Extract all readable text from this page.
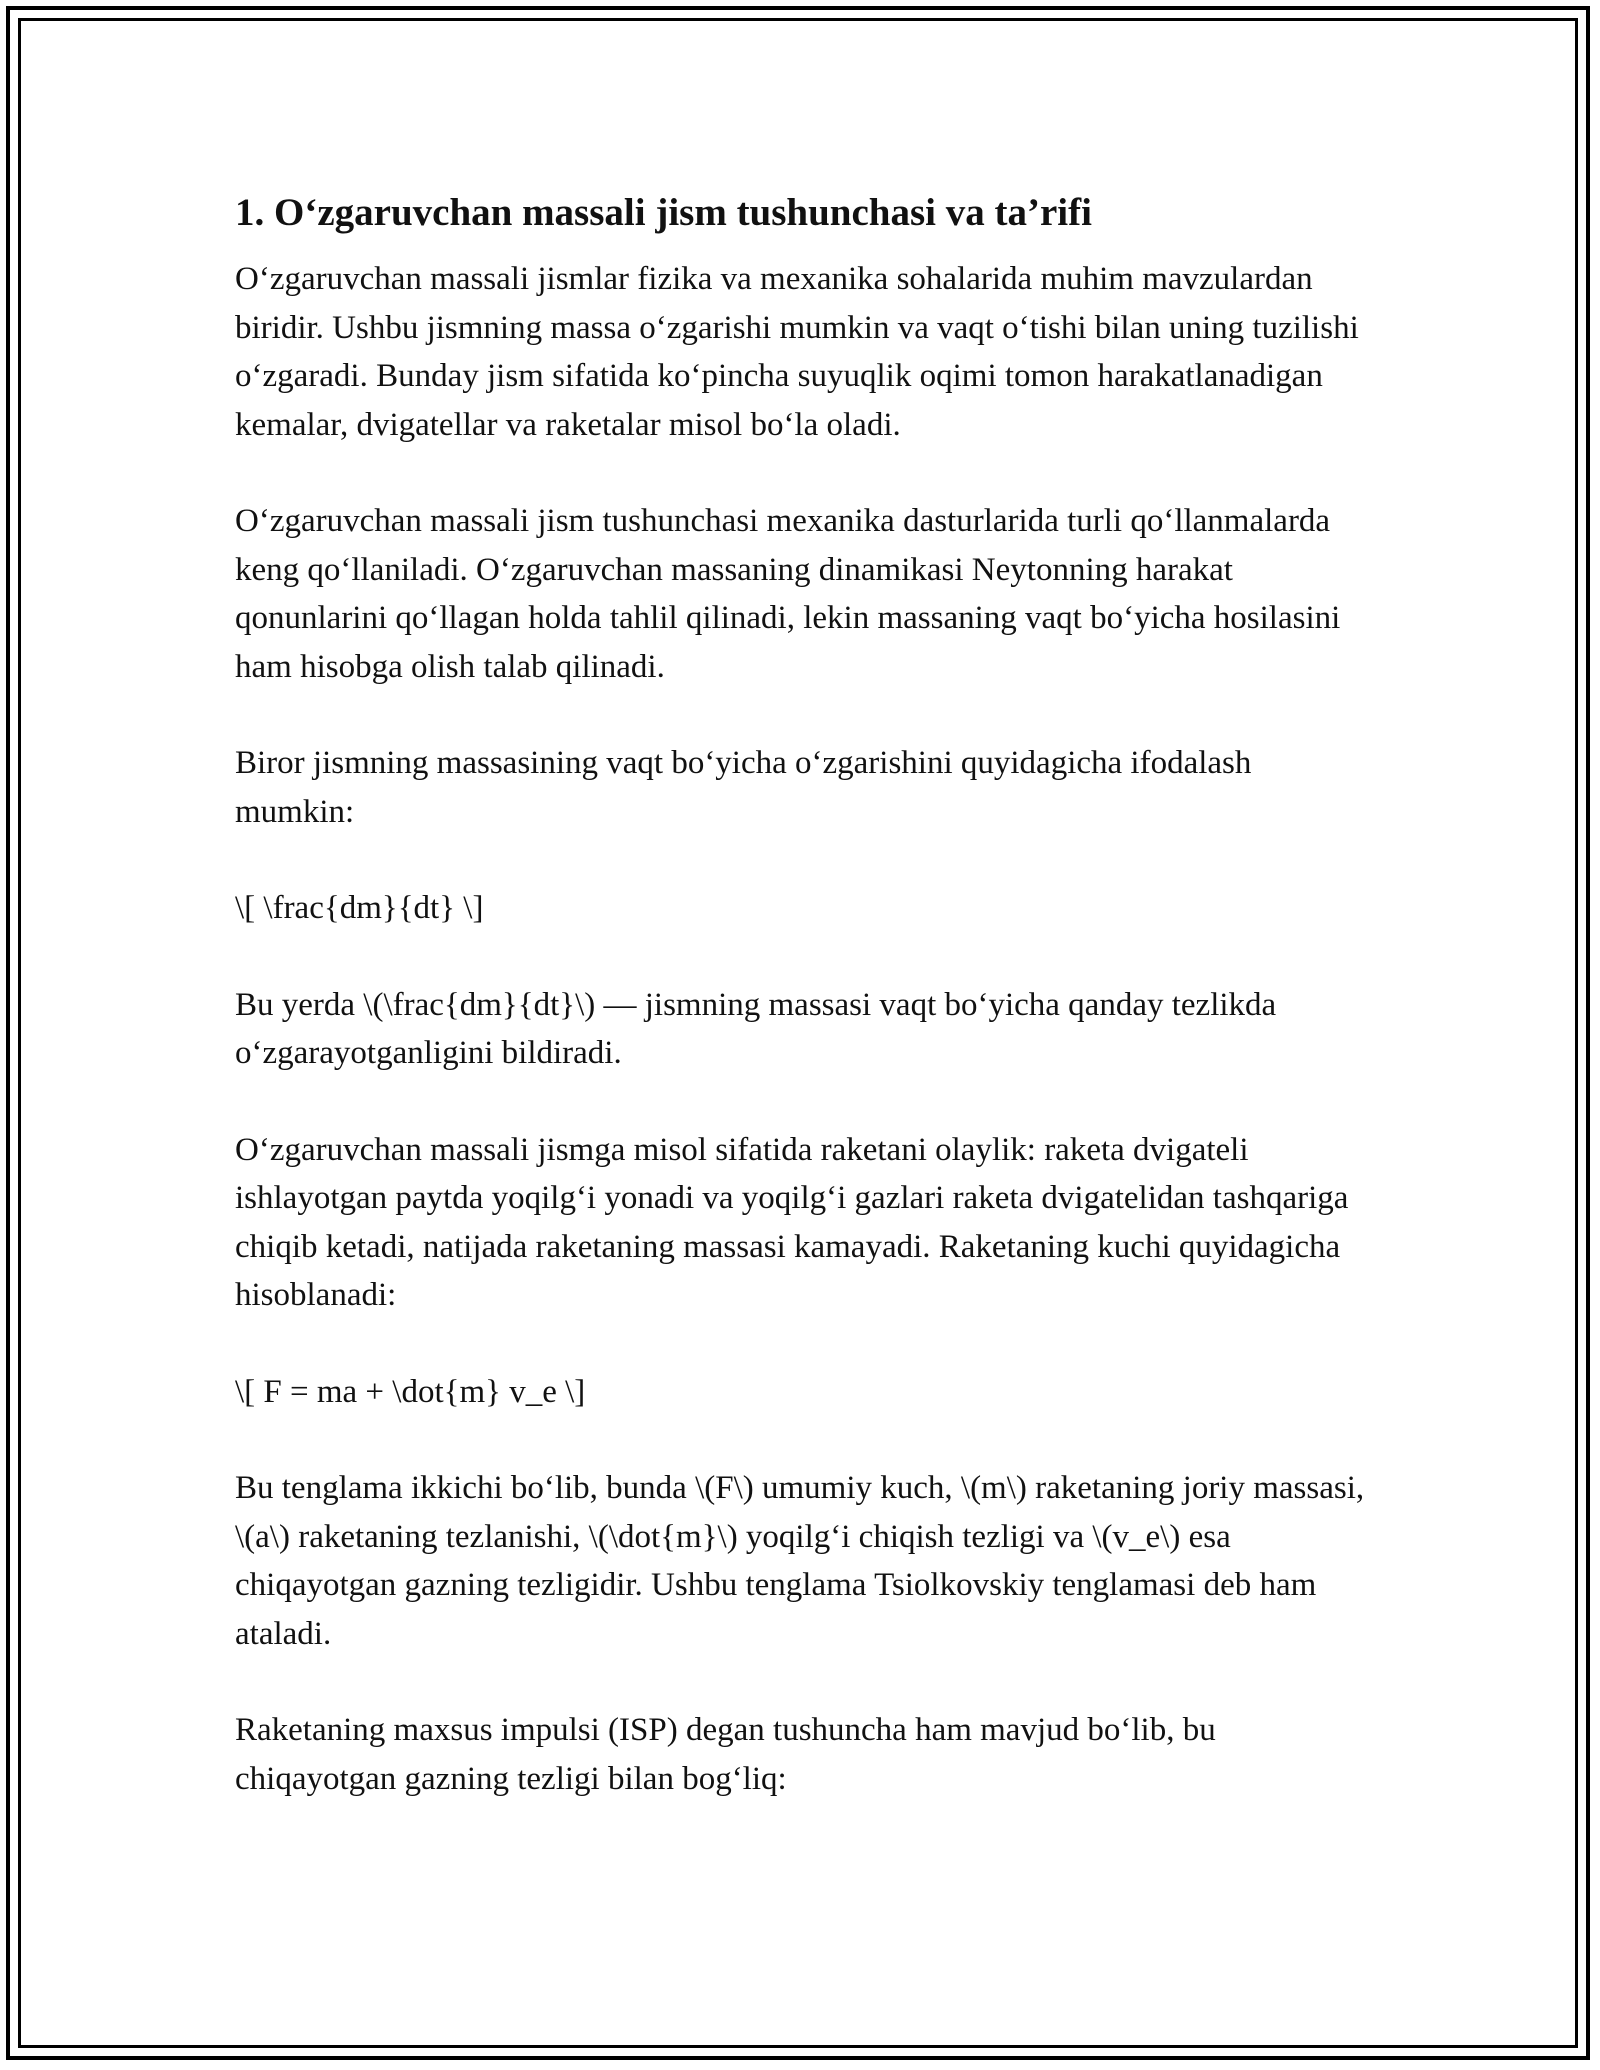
1. O‘zgaruvchan massali jism tushunchasi va ta’rifi

O‘zgaruvchan massali jismlar fizika va mexanika sohalarida muhim mavzulardan biridir. Ushbu jismning massa o‘zgarishi mumkin va vaqt o‘tishi bilan uning tuzilishi o‘zgaradi. Bunday jism sifatida ko‘pincha suyuqlik oqimi tomon harakatlanadigan kemalar, dvigatellar va raketalar misol bo‘la oladi.

O‘zgaruvchan massali jism tushunchasi mexanika dasturlarida turli qo‘llanmalarda keng qo‘llaniladi. O‘zgaruvchan massaning dinamikasi Neytonning harakat qonunlarini qo‘llagan holda tahlil qilinadi, lekin massaning vaqt bo‘yicha hosilasini ham hisobga olish talab qilinadi.

Biror jismning massasining vaqt bo‘yicha o‘zgarishini quyidagicha ifodalash mumkin:

\[ \frac{dm}{dt} \]

Bu yerda \(\frac{dm}{dt}\) — jismning massasi vaqt bo‘yicha qanday tezlikda o‘zgarayotganligini bildiradi.

O‘zgaruvchan massali jismga misol sifatida raketani olaylik: raketa dvigateli ishlayotgan paytda yoqilg‘i yonadi va yoqilg‘i gazlari raketa dvigatelidan tashqariga chiqib ketadi, natijada raketaning massasi kamayadi. Raketaning kuchi quyidagicha hisoblanadi:

\[ F = ma + \dot{m} v_e \]

Bu tenglama ikkichi bo‘lib, bunda \(F\) umumiy kuch, \(m\) raketaning joriy massasi, \(a\) raketaning tezlanishi, \(\dot{m}\) yoqilg‘i chiqish tezligi va \(v_e\) esa chiqayotgan gazning tezligidir. Ushbu tenglama Tsiolkovskiy tenglamasi deb ham ataladi.

Raketaning maxsus impulsi (ISP) degan tushuncha ham mavjud bo‘lib, bu chiqayotgan gazning tezligi bilan bog‘liq:
